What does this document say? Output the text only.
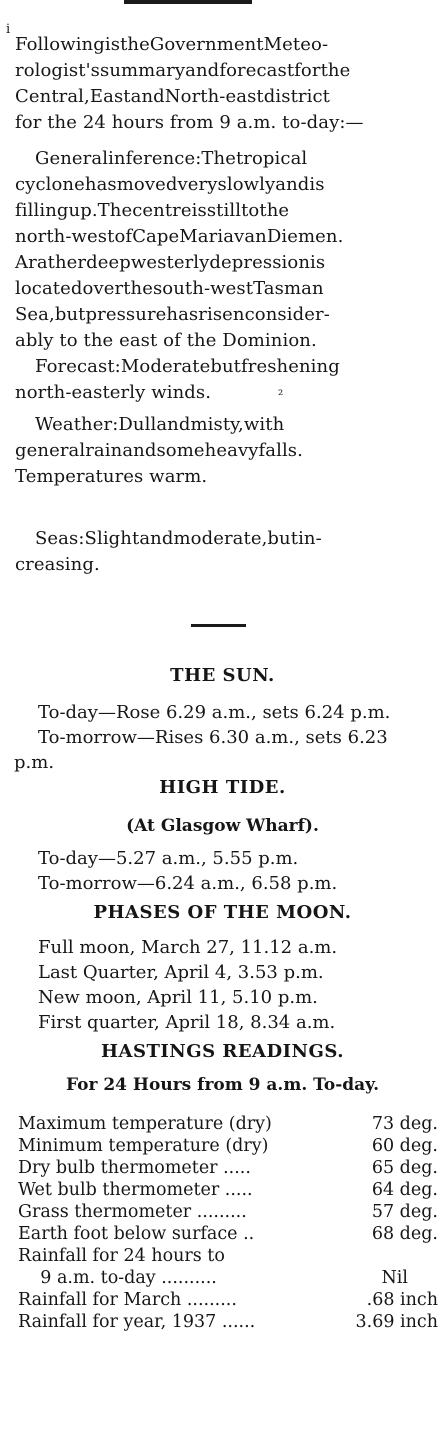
i
FollowingistheGovernmentMeteo-
rologist'ssummaryandforecastforthe
Central,EastandNorth-eastdistrict
for the 24 hours from 9 a.m. to-day:—
Generalinference:Thetropical
cyclonehasmovedveryslowlyandis
fillingup.Thecentreisstilltothe
north-westofCapeMariavanDiemen.
Aratherdeepwesterlydepressionis
locatedoverthesouth-westTasman
Sea,butpressurehasrisenconsider-
ably to the east of the Dominion.
Forecast:Moderatebutfreshening
north-easterly winds.	²
Weather:Dullandmisty,with
generalrainandsomeheavyfalls.
Temperatures warm.
Seas:Slightandmoderate,butin-
creasing.
THE SUN.
To-day—Rose 6.29 a.m., sets 6.24 p.m.
To-morrow—Rises 6.30 a.m., sets 6.23
p.m.
HIGH TIDE.
(At Glasgow Wharf).
To-day—5.27 a.m., 5.55 p.m.
To-morrow—6.24 a.m., 6.58 p.m.
PHASES OF THE MOON.
Full moon, March 27, 11.12 a.m.
Last Quarter, April 4, 3.53 p.m.
New moon, April 11, 5.10 p.m.
First quarter, April 18, 8.34 a.m.
HASTINGS READINGS.
For 24 Hours from 9 a.m. To-day.
Maximum temperature (dry)	73 deg.
Minimum temperature (dry)	60 deg.
Dry bulb thermometer .....	65 deg.
Wet bulb thermometer .....	64 deg.
Grass thermometer .........	57 deg.
Earth foot below surface ..	68 deg.
Rainfall for 24 hours to
9 a.m. to-day ..........	Nil
Rainfall for March .........	.68 inch
Rainfall for year, 1937 ......	3.69 inch
